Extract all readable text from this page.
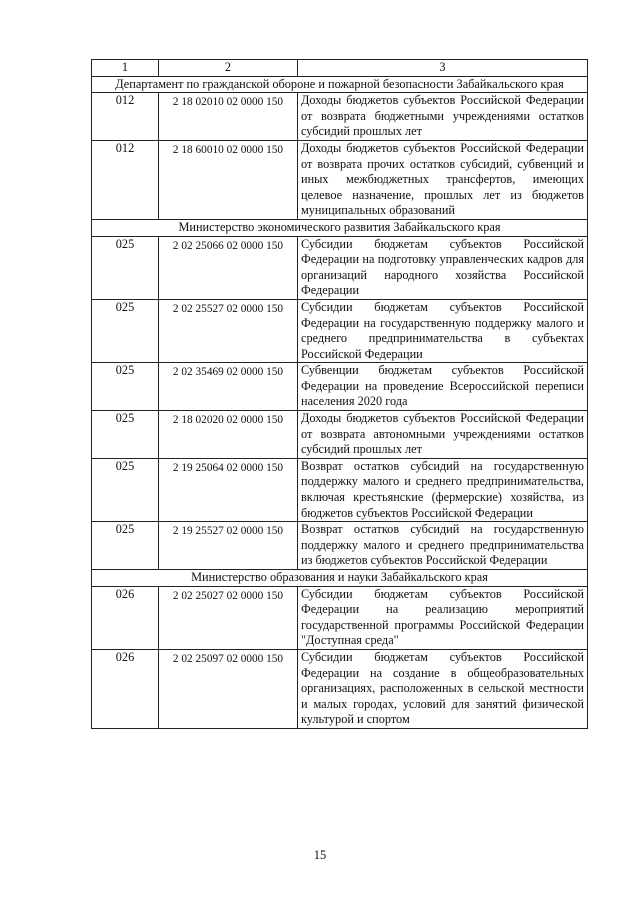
1	2	3
Департамент по гражданской обороне и пожарной безопасности Забайкальского края		
012	2 18 02010 02 0000 150	Доходы бюджетов субъектов Российской Федерации от возврата бюджетными учреждениями остатков субсидий прошлых лет
012	2 18 60010 02 0000 150	Доходы бюджетов субъектов Российской Федерации от возврата прочих остатков субсидий, субвенций и иных межбюджетных трансфертов, имеющих целевое назначение, прошлых лет из бюджетов муниципальных образований
Министерство экономического развития Забайкальского края		
025	2 02 25066 02 0000 150	Субсидии бюджетам субъектов Российской Федерации на подготовку управленческих кадров для организаций народного хозяйства Российской Федерации
025	2 02 25527 02 0000 150	Субсидии бюджетам субъектов Российской Федерации на государственную поддержку малого и среднего предпринимательства в субъектах Российской Федерации
025	2 02 35469 02 0000 150	Субвенции бюджетам субъектов Российской Федерации на проведение Всероссийской переписи населения 2020 года
025	2 18 02020 02 0000 150	Доходы бюджетов субъектов Российской Федерации от возврата автономными учреждениями остатков субсидий прошлых лет
025	2 19 25064 02 0000 150	Возврат остатков субсидий на государственную поддержку малого и среднего предпринимательства, включая крестьянские (фермерские) хозяйства, из бюджетов субъектов Российской Федерации
025	2 19 25527 02 0000 150	Возврат остатков субсидий на государственную поддержку малого и среднего предпринимательства из бюджетов субъектов Российской Федерации
Министерство образования и науки Забайкальского края		
026	2 02 25027 02 0000 150	Субсидии бюджетам субъектов Российской Федерации на реализацию мероприятий государственной программы Российской Федерации "Доступная среда"
026	2 02 25097 02 0000 150	Субсидии бюджетам субъектов Российской Федерации на создание в общеобразовательных организациях, расположенных в сельской местности и малых городах, условий для занятий физической культурой и спортом
15
